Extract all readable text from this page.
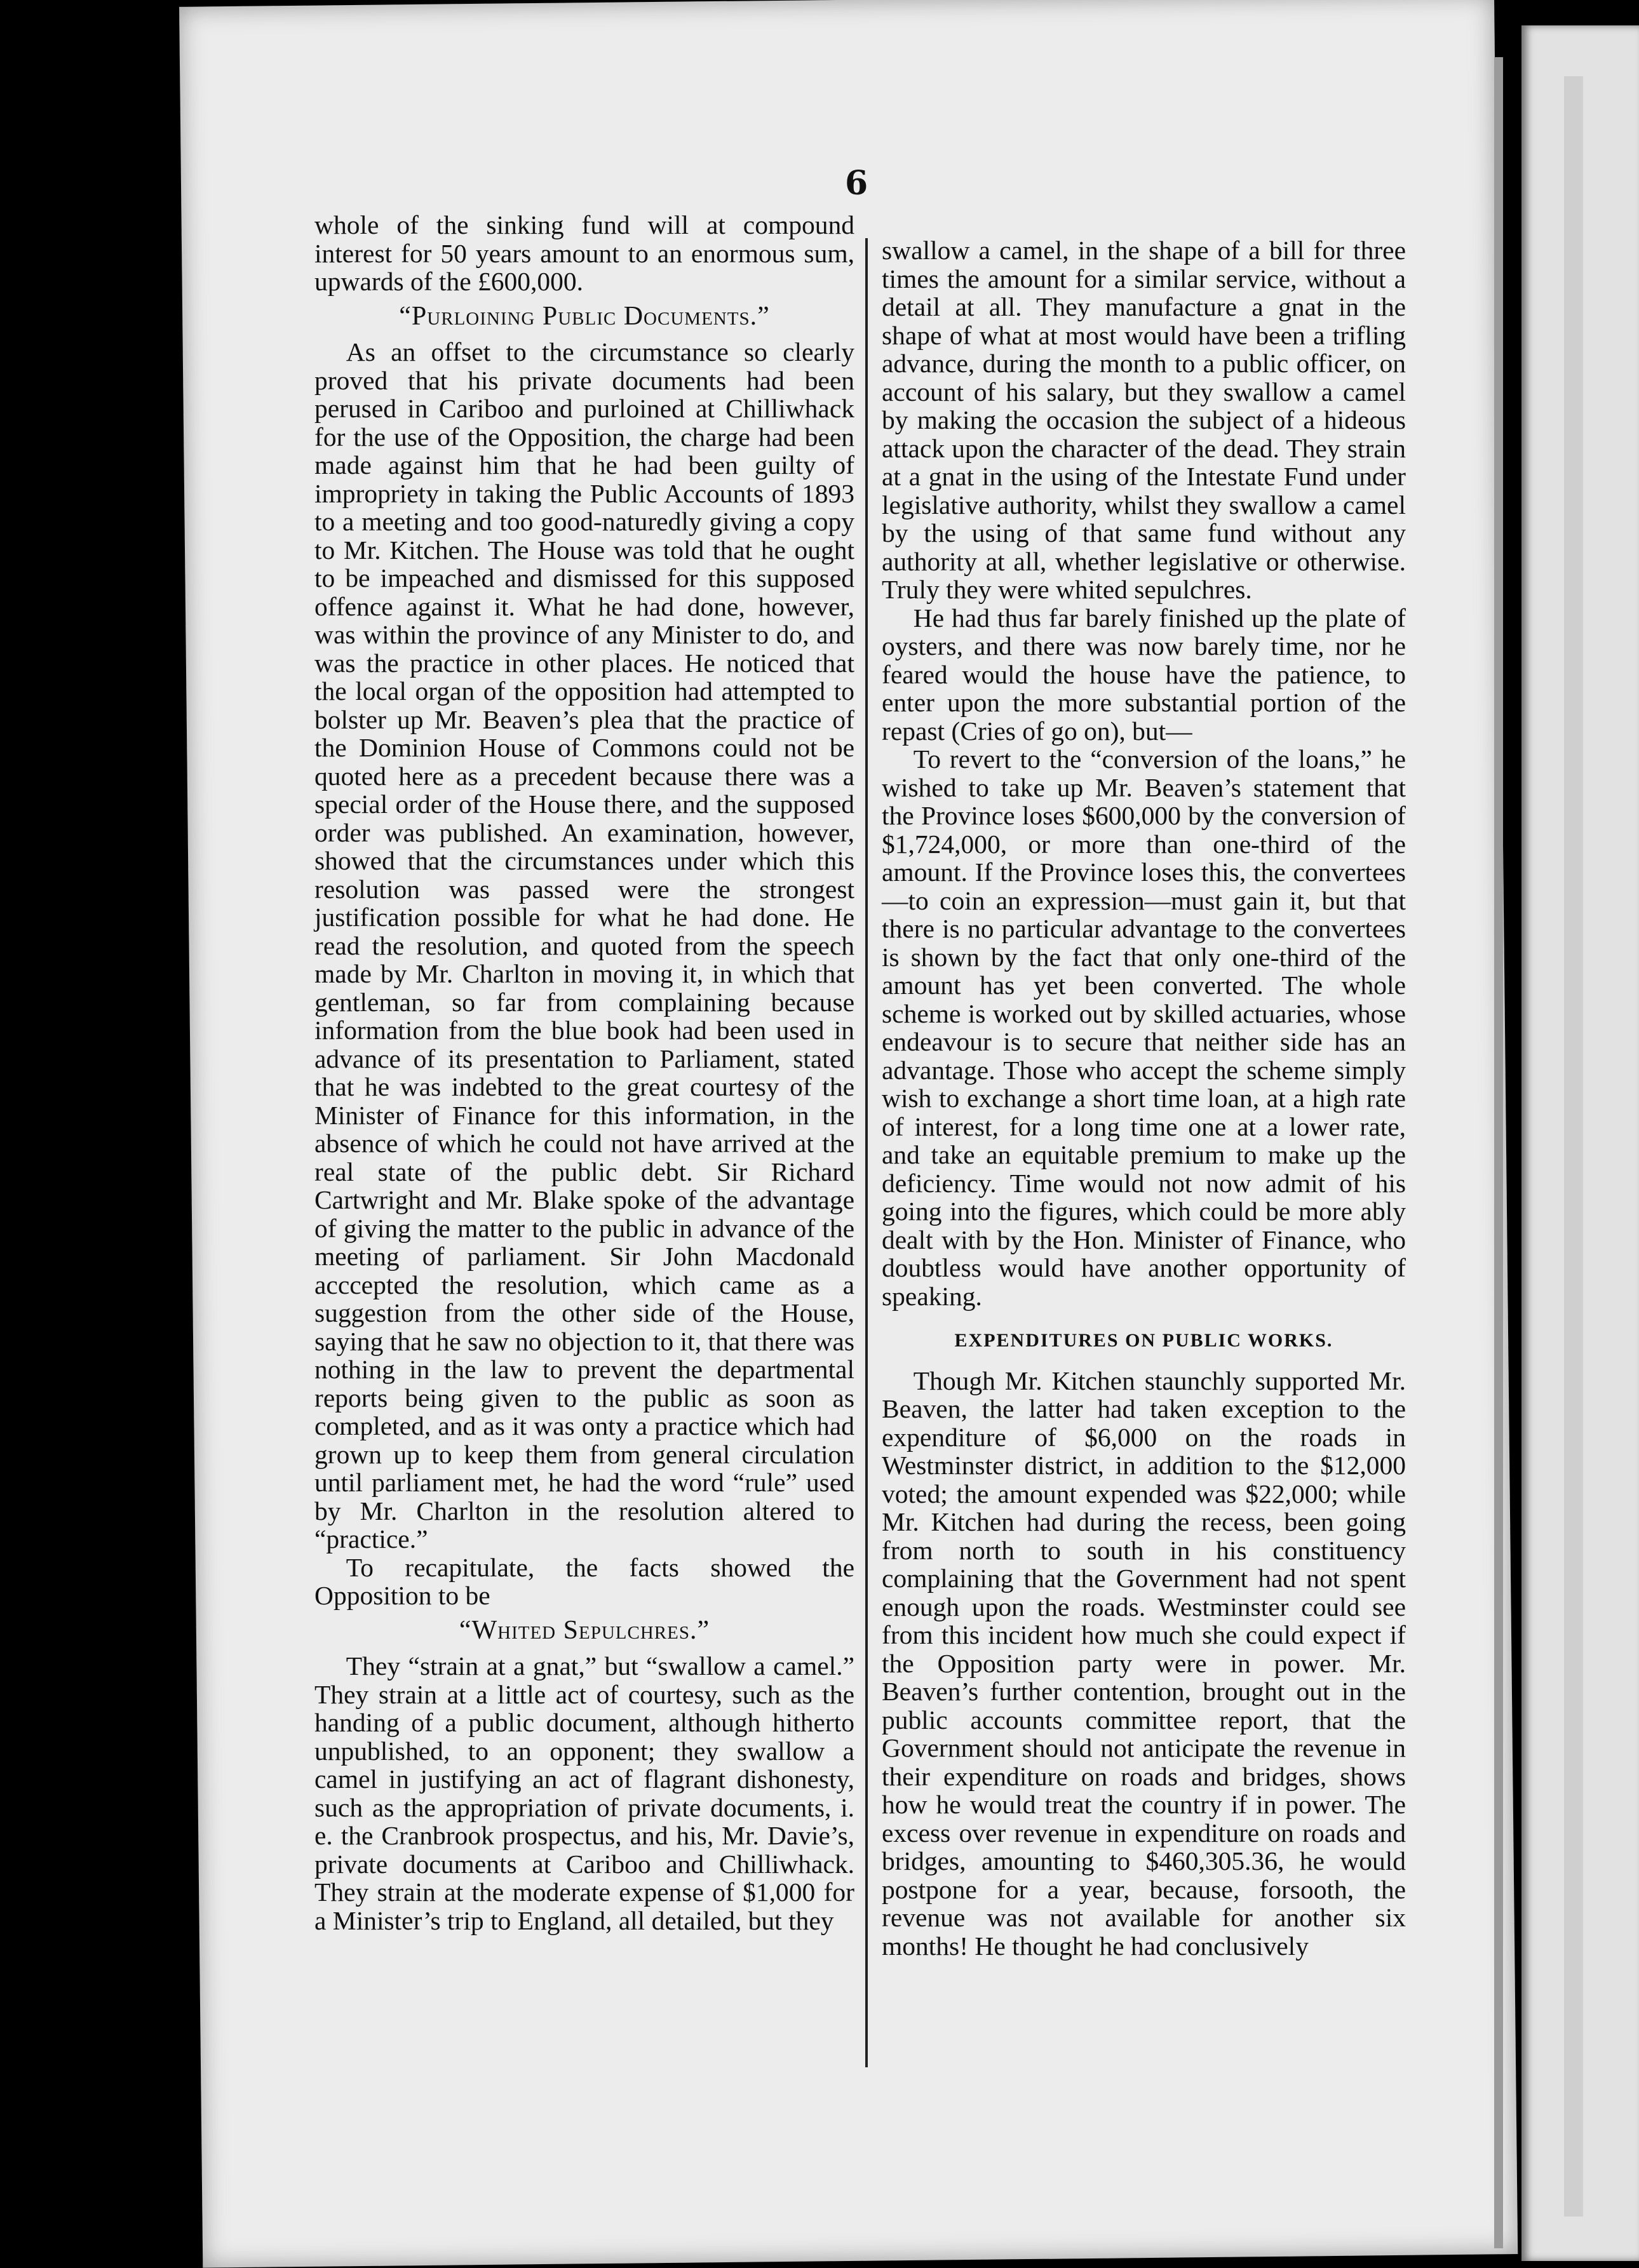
6

whole of the sinking fund will at compound interest for 50 years amount to an enormous sum, upwards of the £600,000.

“Purloining Public Documents.”

As an offset to the circumstance so clearly proved that his private documents had been perused in Cariboo and purloined at Chilliwhack for the use of the Opposition, the charge had been made against him that he had been guilty of impropriety in taking the Public Accounts of 1893 to a meeting and too good-naturedly giving a copy to Mr. Kitchen. The House was told that he ought to be impeached and dismissed for this supposed offence against it. What he had done, however, was within the province of any Minister to do, and was the practice in other places. He noticed that the local organ of the opposition had attempted to bolster up Mr. Beaven’s plea that the practice of the Dominion House of Commons could not be quoted here as a precedent because there was a special order of the House there, and the supposed order was published. An examination, however, showed that the circumstances under which this resolution was passed were the strongest justification possible for what he had done. He read the resolution, and quoted from the speech made by Mr. Charlton in moving it, in which that gentleman, so far from complaining because information from the blue book had been used in advance of its presentation to Parliament, stated that he was indebted to the great courtesy of the Minister of Finance for this information, in the absence of which he could not have arrived at the real state of the public debt. Sir Richard Cartwright and Mr. Blake spoke of the advantage of giving the matter to the public in advance of the meeting of parliament. Sir John Macdonald acccepted the resolution, which came as a suggestion from the other side of the House, saying that he saw no objection to it, that there was nothing in the law to prevent the departmental reports being given to the public as soon as completed, and as it was onty a practice which had grown up to keep them from general circulation until parliament met, he had the word “rule” used by Mr. Charlton in the resolution altered to “practice.”

To recapitulate, the facts showed the Opposition to be

“Whited Sepulchres.”

They “strain at a gnat,” but “swallow a camel.” They strain at a little act of courtesy, such as the handing of a public document, although hitherto unpublished, to an opponent; they swallow a camel in justifying an act of flagrant dishonesty, such as the appropriation of private documents, i. e. the Cranbrook prospectus, and his, Mr. Davie’s, private documents at Cariboo and Chilliwhack. They strain at the moderate expense of $1,000 for a Minister’s trip to England, all detailed, but they

swallow a camel, in the shape of a bill for three times the amount for a similar service, without a detail at all. They manufacture a gnat in the shape of what at most would have been a trifling advance, during the month to a public officer, on account of his salary, but they swallow a camel by making the occasion the subject of a hideous attack upon the character of the dead. They strain at a gnat in the using of the Intestate Fund under legislative authority, whilst they swallow a camel by the using of that same fund without any authority at all, whether legislative or otherwise. Truly they were whited sepulchres.

He had thus far barely finished up the plate of oysters, and there was now barely time, nor he feared would the house have the patience, to enter upon the more substantial portion of the repast (Cries of go on), but—

To revert to the “conversion of the loans,” he wished to take up Mr. Beaven’s statement that the Province loses $600,000 by the conversion of $1,724,000, or more than one-third of the amount. If the Province loses this, the convertees—to coin an expression—must gain it, but that there is no particular advantage to the convertees is shown by the fact that only one-third of the amount has yet been converted. The whole scheme is worked out by skilled actuaries, whose endeavour is to secure that neither side has an advantage. Those who accept the scheme simply wish to exchange a short time loan, at a high rate of interest, for a long time one at a lower rate, and take an equitable premium to make up the deficiency. Time would not now admit of his going into the figures, which could be more ably dealt with by the Hon. Minister of Finance, who doubtless would have another opportunity of speaking.

EXPENDITURES ON PUBLIC WORKS.

Though Mr. Kitchen staunchly supported Mr. Beaven, the latter had taken exception to the expenditure of $6,000 on the roads in Westminster district, in addition to the $12,000 voted; the amount expended was $22,000; while Mr. Kitchen had during the recess, been going from north to south in his constituency complaining that the Government had not spent enough upon the roads. Westminster could see from this incident how much she could expect if the Opposition party were in power. Mr. Beaven’s further contention, brought out in the public accounts committee report, that the Government should not anticipate the revenue in their expenditure on roads and bridges, shows how he would treat the country if in power. The excess over revenue in expenditure on roads and bridges, amounting to $460,305.36, he would postpone for a year, because, forsooth, the revenue was not available for another six months! He thought he had conclusively
